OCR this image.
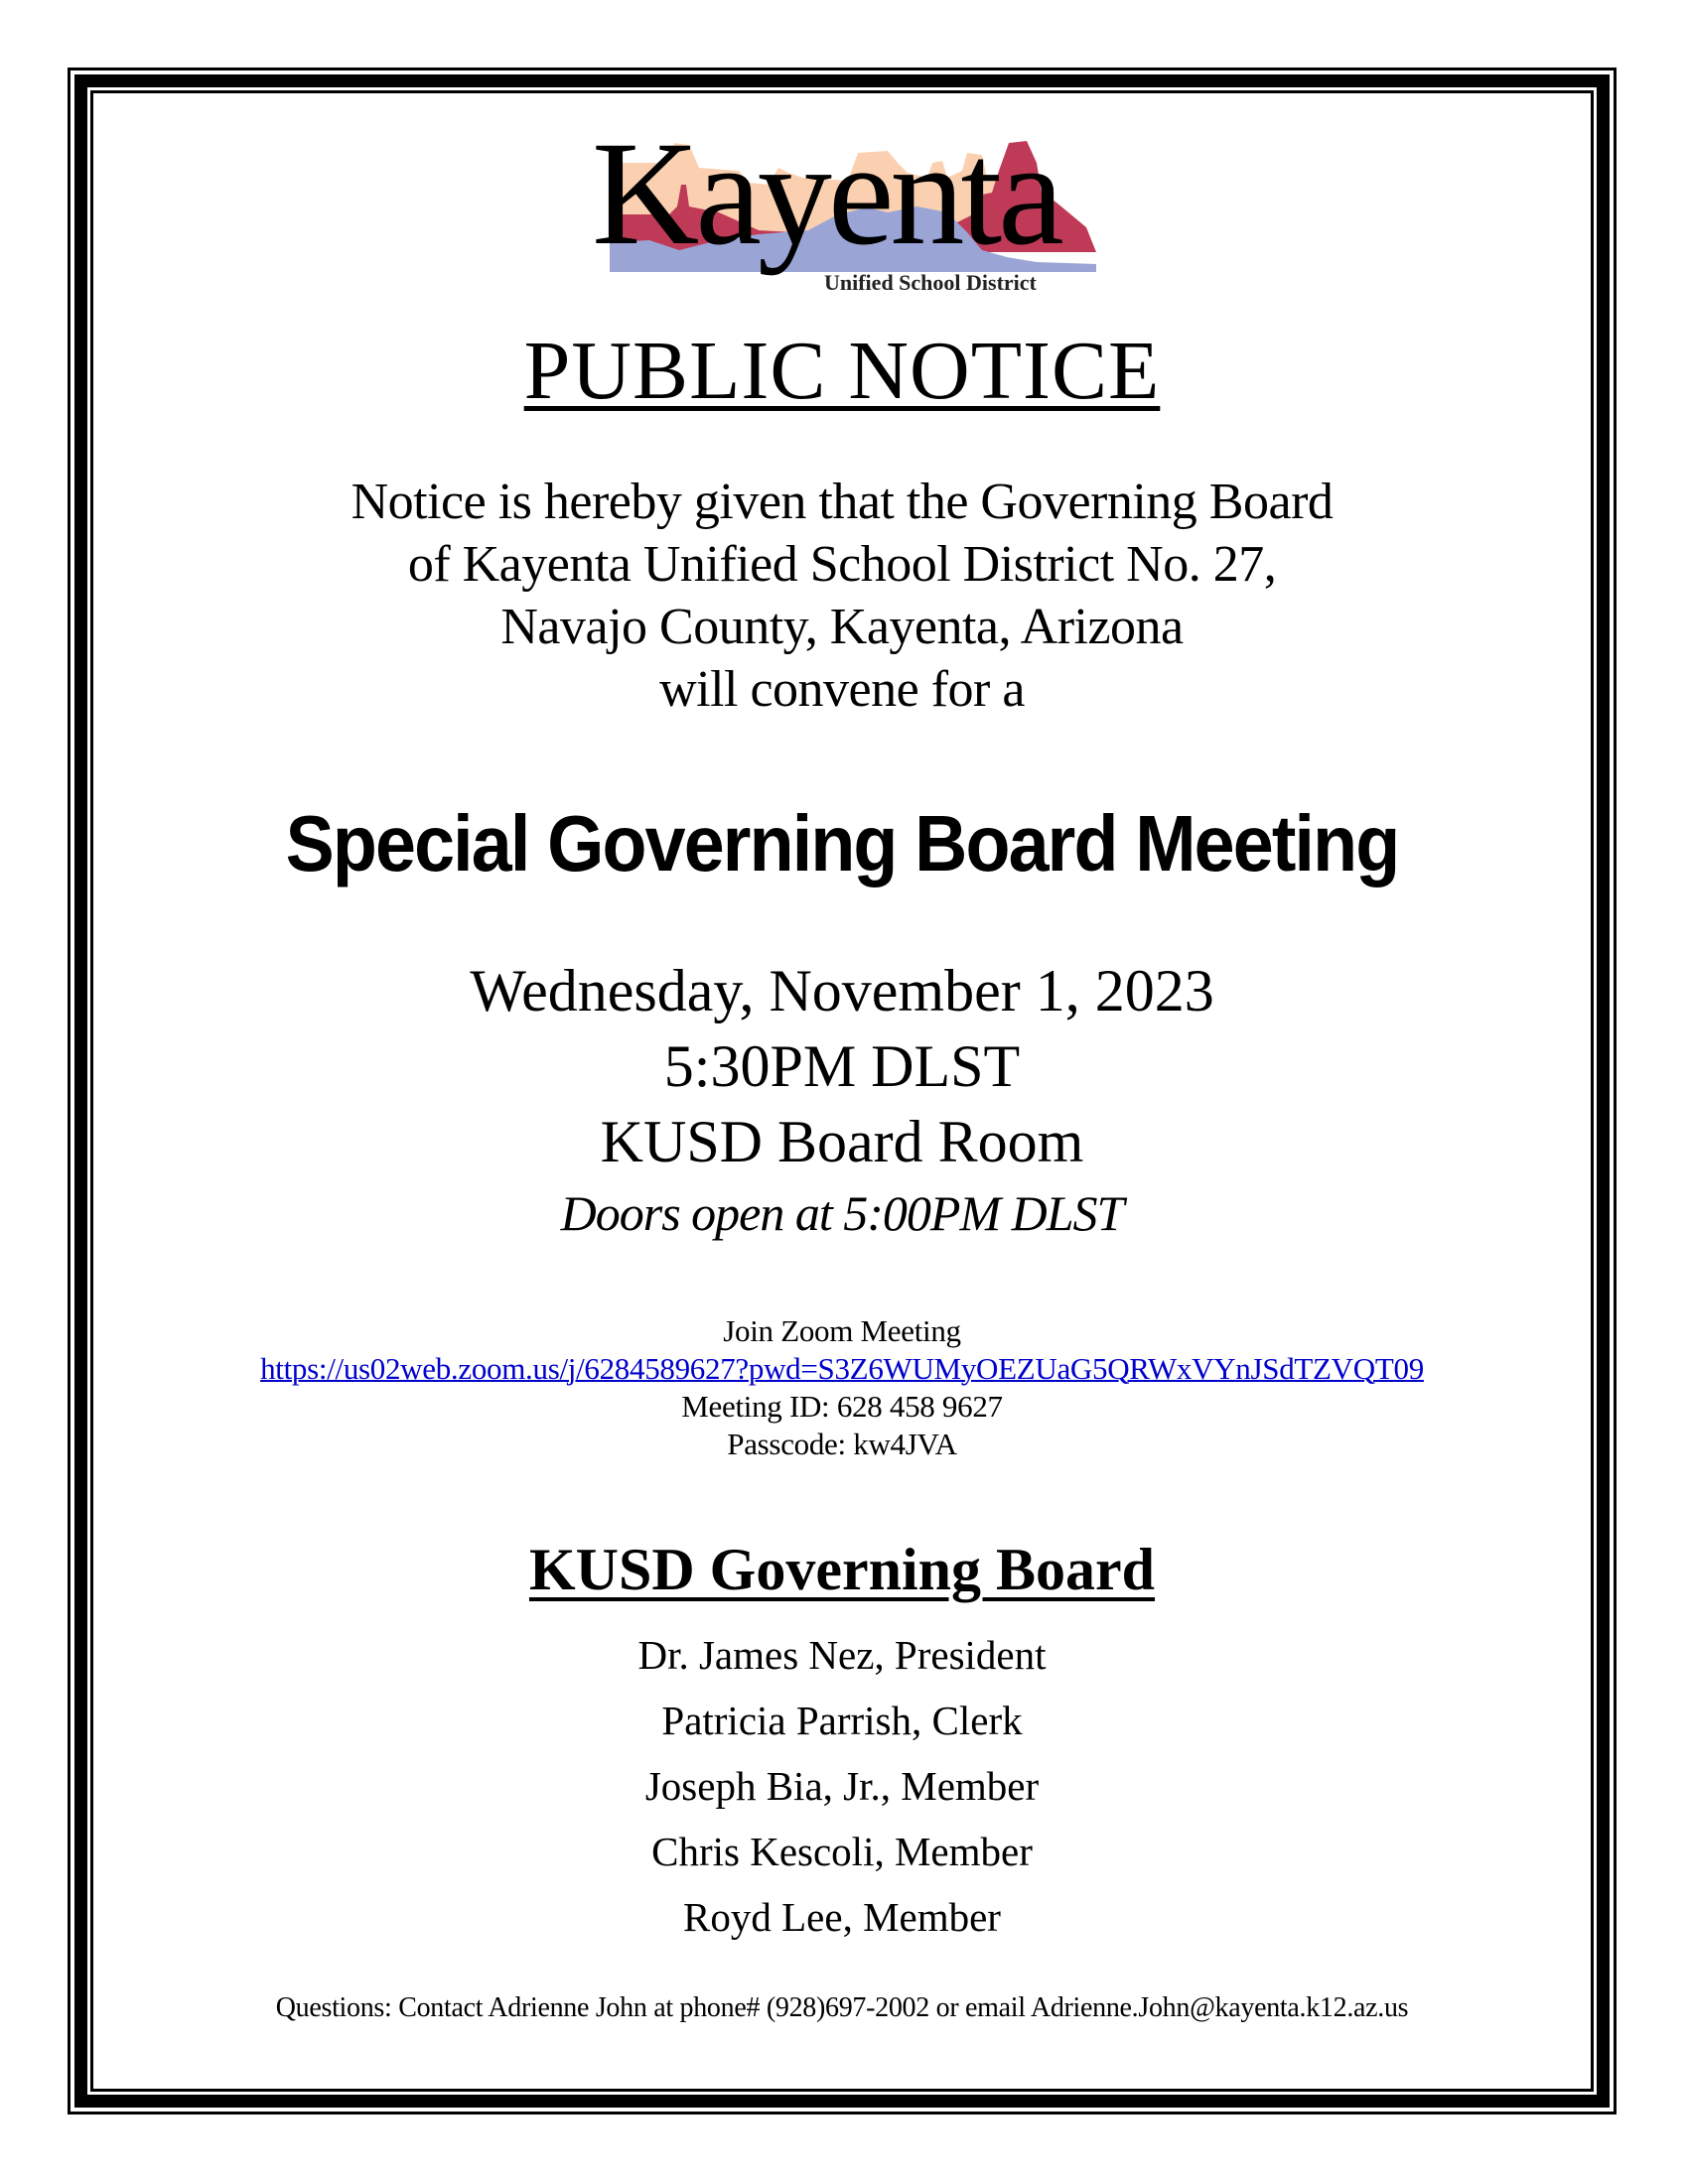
Kayenta
Unified School District
PUBLIC NOTICE
Notice is hereby given that the Governing Board
of Kayenta Unified School District No. 27,
Navajo County, Kayenta, Arizona
will convene for a
Special Governing Board Meeting
Wednesday, November 1, 2023
5:30PM DLST
KUSD Board Room
Doors open at 5:00PM DLST
Join Zoom Meeting
https://us02web.zoom.us/j/6284589627?pwd=S3Z6WUMyOEZUaG5QRWxVYnJSdTZVQT09
Meeting ID: 628 458 9627
Passcode: kw4JVA
KUSD Governing Board
Dr. James Nez, President
Patricia Parrish, Clerk
Joseph Bia, Jr., Member
Chris Kescoli, Member
Royd Lee, Member
Questions: Contact Adrienne John at phone# (928)697-2002 or email Adrienne.John@kayenta.k12.az.us
